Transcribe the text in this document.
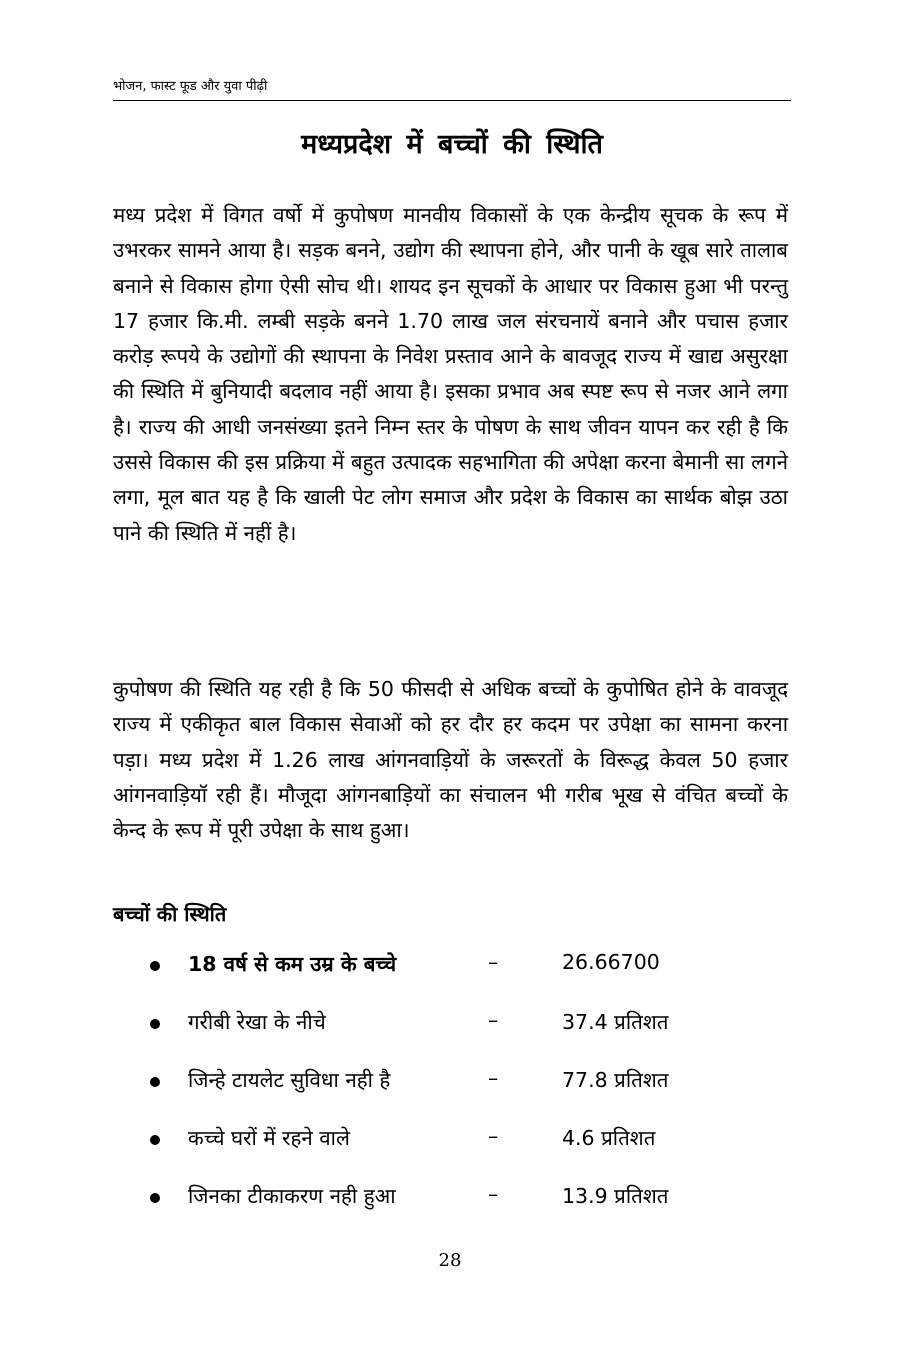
भोजन, फास्ट फूड और युवा पीढ़ी
मध्यप्रदेश में बच्चों की स्थिति

मध्य प्रदेश में विगत वर्षो में कुपोषण मानवीय विकासों के एक केन्द्रीय सूचक के रूप में उभरकर सामने आया है। सड़क बनने, उद्योग की स्थापना होने, और पानी के खूब सारे तालाब बनाने से विकास होगा ऐसी सोच थी। शायद इन सूचकों के आधार पर विकास हुआ भी परन्तु 17 हजार कि.मी. लम्बी सड़के बनने 1.70 लाख जल संरचनायें बनाने और पचास हजार करोड़ रूपये के उद्योगों की स्थापना के निवेश प्रस्ताव आने के बावजूद राज्य में खाद्य असुरक्षा की स्थिति में बुनियादी बदलाव नहीं आया है। इसका प्रभाव अब स्पष्ट रूप से नजर आने लगा है। राज्य की आधी जनसंख्या इतने निम्न स्तर के पोषण के साथ जीवन यापन कर रही है कि उससे विकास की इस प्रक्रिया में बहुत उत्पादक सहभागिता की अपेक्षा करना बेमानी सा लगने लगा, मूल बात यह है कि खाली पेट लोग समाज और प्रदेश के विकास का सार्थक बोझ उठा पाने की स्थिति में नहीं है।

कुपोषण की स्थिति यह रही है कि 50 फीसदी से अधिक बच्चों के कुपोषित होने के वावजूद राज्य में एकीकृत बाल विकास सेवाओं को हर दौर हर कदम पर उपेक्षा का सामना करना पड़ा। मध्य प्रदेश में 1.26 लाख आंगनवाड़ियों के जरूरतों के विरूद्ध केवल 50 हजार आंगनवाड़ियॉ रही हैं। मौजूदा आंगनबाड़ियों का संचालन भी गरीब भूख से वंचित बच्चों के केन्द के रूप में पूरी उपेक्षा के साथ हुआ।

बच्चों की स्थिति
18 वर्ष से कम उम्र के बच्चे	–	26.66700
गरीबी रेखा के नीचे	–	37.4 प्रतिशत
जिन्हे टायलेट सुविधा नही है	–	77.8 प्रतिशत
कच्चे घरों में रहने वाले	–	4.6 प्रतिशत
जिनका टीकाकरण नही हुआ	–	13.9 प्रतिशत
28
